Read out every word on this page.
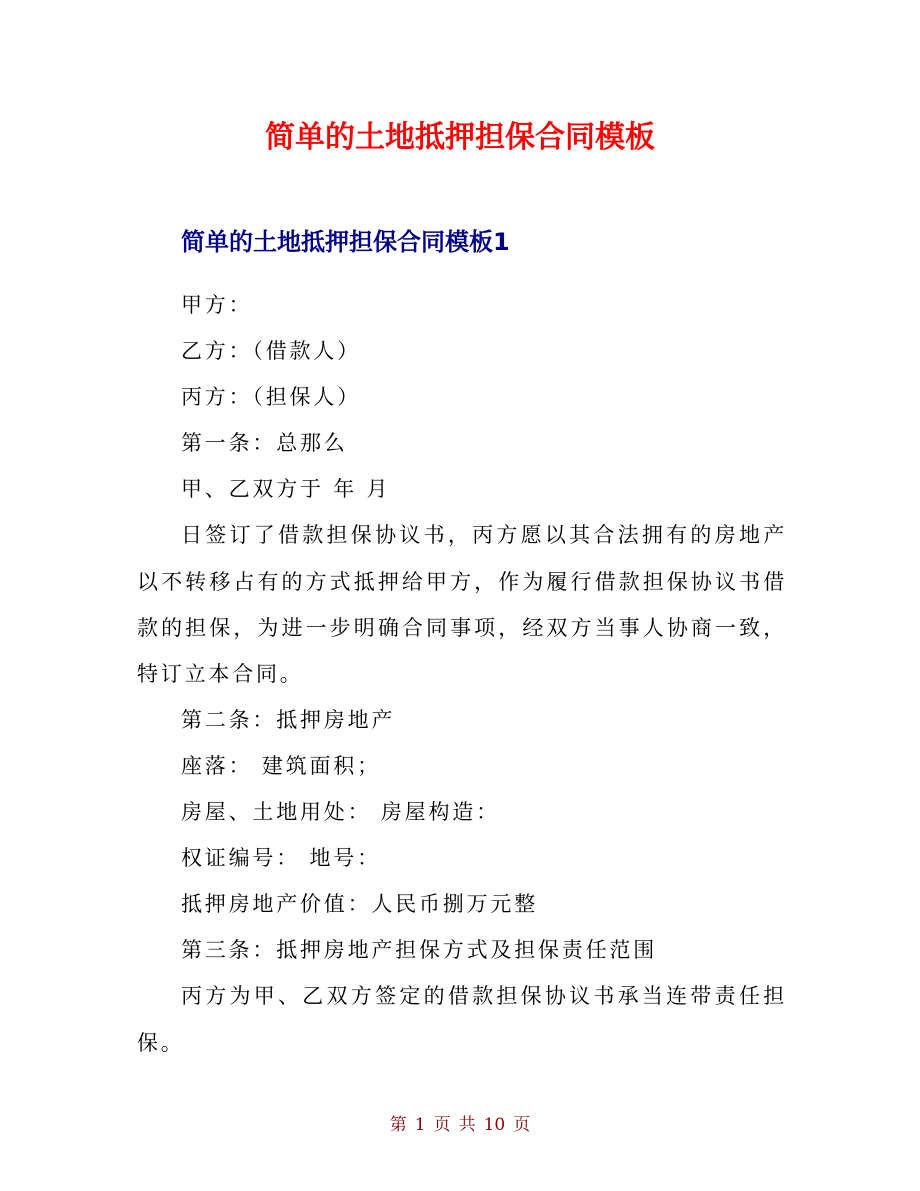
简单的土地抵押担保合同模板
简单的土地抵押担保合同模板1

甲方：

乙方：（借款人）

丙方：（担保人）

第一条：总那么

甲、乙双方于 年 月

日签订了借款担保协议书，丙方愿以其合法拥有的房地产以不转移占有的方式抵押给甲方，作为履行借款担保协议书借款的担保，为进一步明确合同事项，经双方当事人协商一致，特订立本合同。

第二条：抵押房地产

座落： 建筑面积；

房屋、土地用处： 房屋构造：

权证编号： 地号：

抵押房地产价值：人民币捌万元整

第三条：抵押房地产担保方式及担保责任范围

丙方为甲、乙双方签定的借款担保协议书承当连带责任担保。

第 1 页 共 10 页
